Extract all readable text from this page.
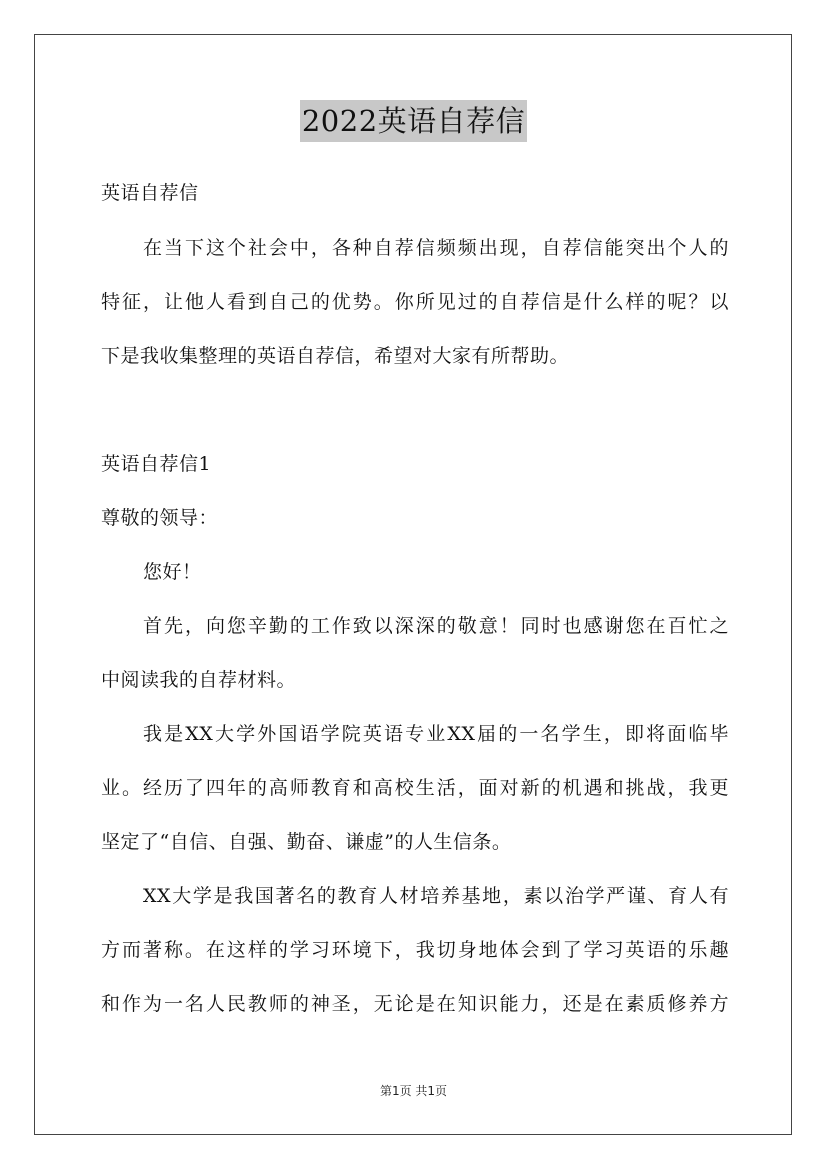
2022英语自荐信
英语自荐信
在当下这个社会中，各种自荐信频频出现，自荐信能突出个人的
特征，让他人看到自己的优势。你所见过的自荐信是什么样的呢？以
下是我收集整理的英语自荐信，希望对大家有所帮助。
英语自荐信1
尊敬的领导：
您好！
首先，向您辛勤的工作致以深深的敬意！同时也感谢您在百忙之
中阅读我的自荐材料。
我是XX大学外国语学院英语专业XX届的一名学生，即将面临毕
业。经历了四年的高师教育和高校生活，面对新的机遇和挑战，我更
坚定了“自信、自强、勤奋、谦虚”的人生信条。
XX大学是我国著名的教育人材培养基地，素以治学严谨、育人有
方而著称。在这样的学习环境下，我切身地体会到了学习英语的乐趣
和作为一名人民教师的神圣，无论是在知识能力，还是在素质修养方
第1页 共1页
